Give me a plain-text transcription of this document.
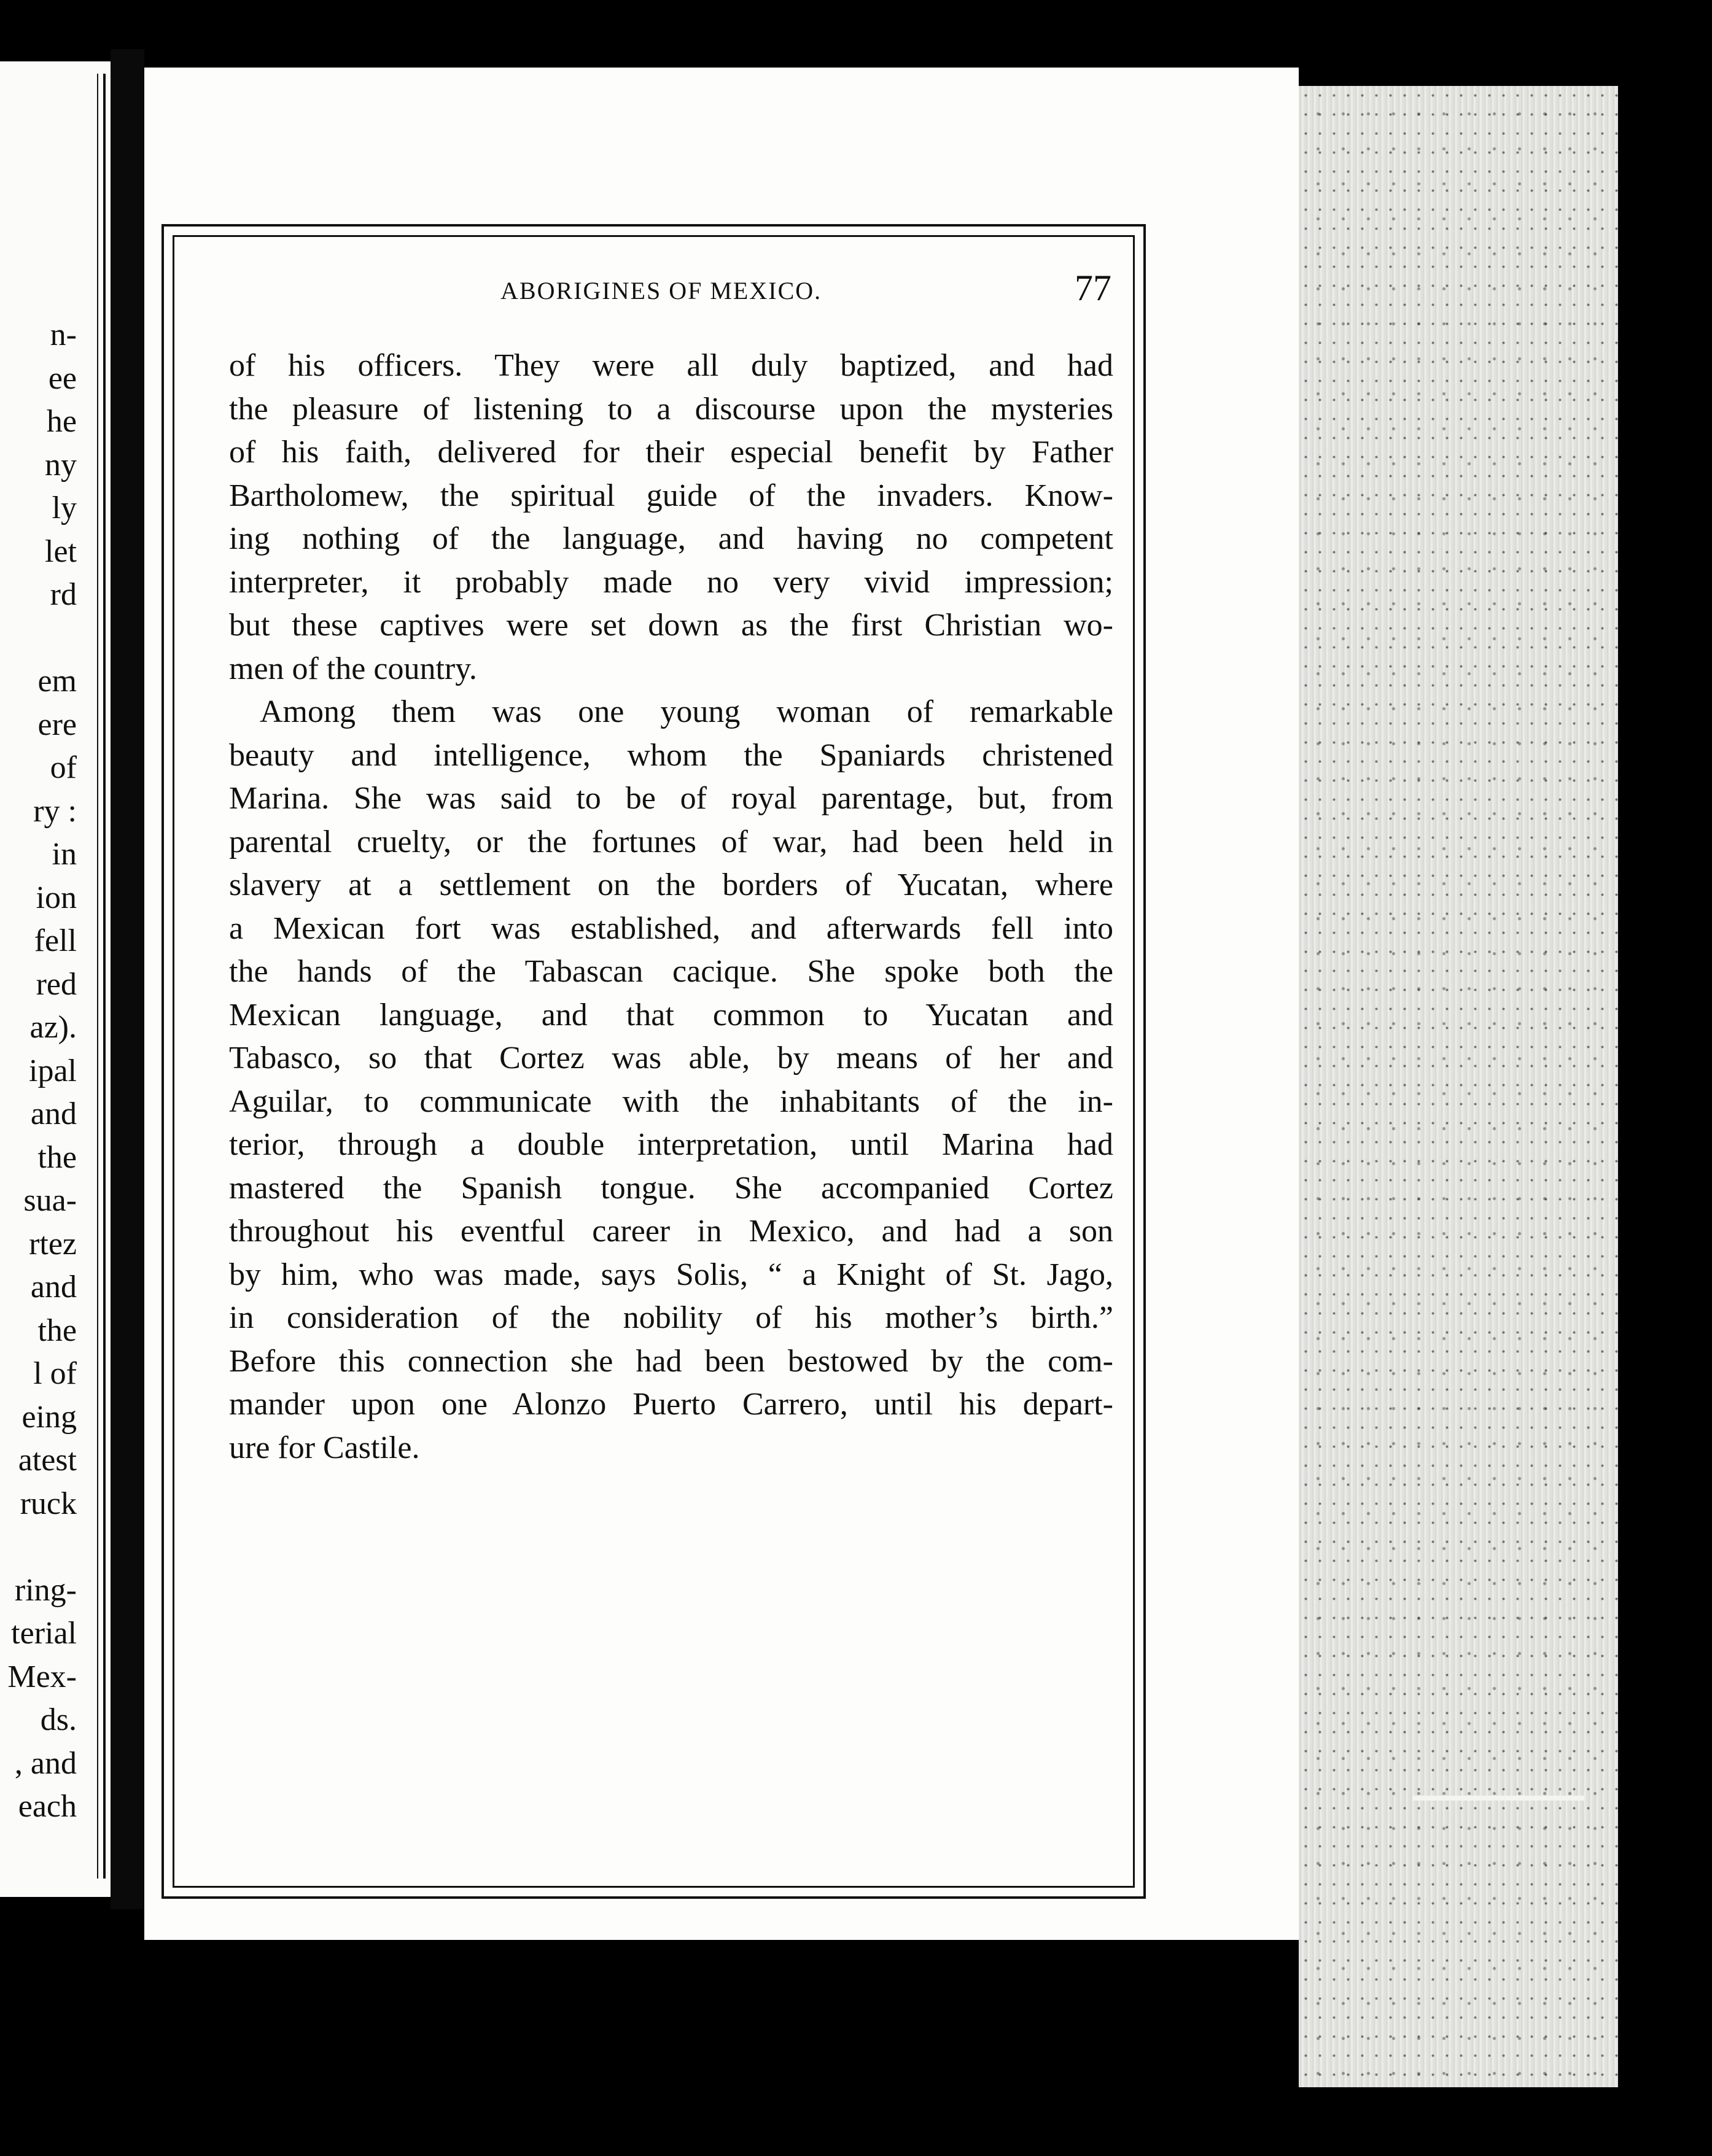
n-
ee
he
ny
ly
let
rd
em
ere
of
ry :
in
ion
fell
red
az).
ipal
and
the
sua-
rtez
and
the
l of
eing
atest
ruck
ring-
terial
Mex-
ds.
, and
each
ABORIGINES OF MEXICO.	77
of his officers. They were all duly baptized, and had
the pleasure of listening to a discourse upon the mysteries
of his faith, delivered for their especial benefit by Father
Bartholomew, the spiritual guide of the invaders. Know-
ing nothing of the language, and having no competent
interpreter, it probably made no very vivid impression;
but these captives were set down as the first Christian wo-
men of the country.
Among them was one young woman of remarkable
beauty and intelligence, whom the Spaniards christened
Marina. She was said to be of royal parentage, but, from
parental cruelty, or the fortunes of war, had been held in
slavery at a settlement on the borders of Yucatan, where
a Mexican fort was established, and afterwards fell into
the hands of the Tabascan cacique. She spoke both the
Mexican language, and that common to Yucatan and
Tabasco, so that Cortez was able, by means of her and
Aguilar, to communicate with the inhabitants of the in-
terior, through a double interpretation, until Marina had
mastered the Spanish tongue. She accompanied Cortez
throughout his eventful career in Mexico, and had a son
by him, who was made, says Solis, “ a Knight of St. Jago,
in consideration of the nobility of his mother’s birth.”
Before this connection she had been bestowed by the com-
mander upon one Alonzo Puerto Carrero, until his depart-
ure for Castile.
